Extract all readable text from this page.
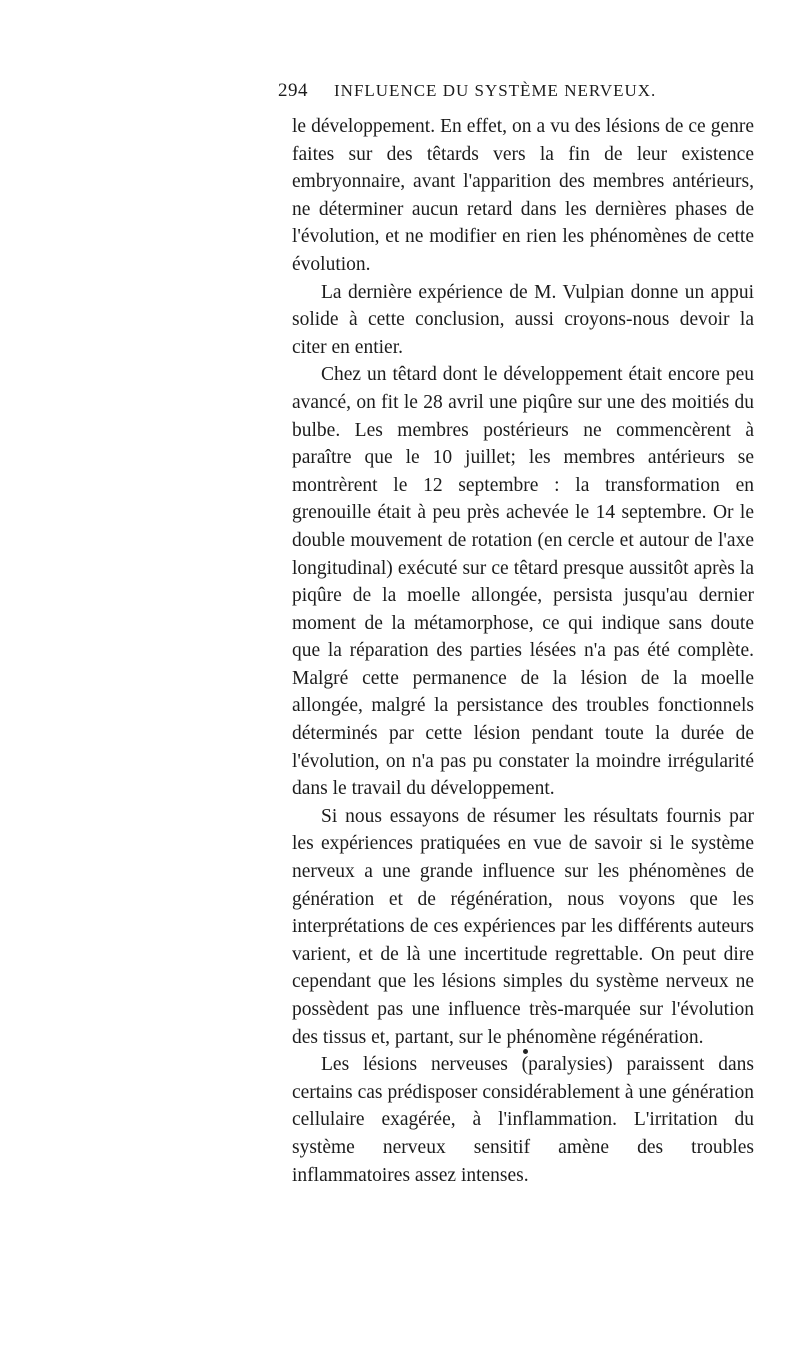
294 INFLUENCE DU SYSTÈME NERVEUX.

le développement. En effet, on a vu des lésions de ce genre faites sur des têtards vers la fin de leur existence embryonnaire, avant l'apparition des membres antérieurs, ne déterminer aucun retard dans les dernières phases de l'évolution, et ne modifier en rien les phénomènes de cette évolution.

La dernière expérience de M. Vulpian donne un appui solide à cette conclusion, aussi croyons-nous devoir la citer en entier.

Chez un têtard dont le développement était encore peu avancé, on fit le 28 avril une piqûre sur une des moitiés du bulbe. Les membres postérieurs ne commencèrent à paraître que le 10 juillet; les membres antérieurs se montrèrent le 12 septembre : la transformation en grenouille était à peu près achevée le 14 septembre. Or le double mouvement de rotation (en cercle et autour de l'axe longitudinal) exécuté sur ce têtard presque aussitôt après la piqûre de la moelle allongée, persista jusqu'au dernier moment de la métamorphose, ce qui indique sans doute que la réparation des parties lésées n'a pas été complète. Malgré cette permanence de la lésion de la moelle allongée, malgré la persistance des troubles fonctionnels déterminés par cette lésion pendant toute la durée de l'évolution, on n'a pas pu constater la moindre irrégularité dans le travail du développement.

Si nous essayons de résumer les résultats fournis par les expériences pratiquées en vue de savoir si le système nerveux a une grande influence sur les phénomènes de génération et de régénération, nous voyons que les interprétations de ces expériences par les différents auteurs varient, et de là une incertitude regrettable. On peut dire cependant que les lésions simples du système nerveux ne possèdent pas une influence très-marquée sur l'évolution des tissus et, partant, sur le phénomène régénération.

Les lésions nerveuses (paralysies) paraissent dans certains cas prédisposer considérablement à une génération cellulaire exagérée, à l'inflammation. L'irritation du système nerveux sensitif amène des troubles inflammatoires assez intenses.
